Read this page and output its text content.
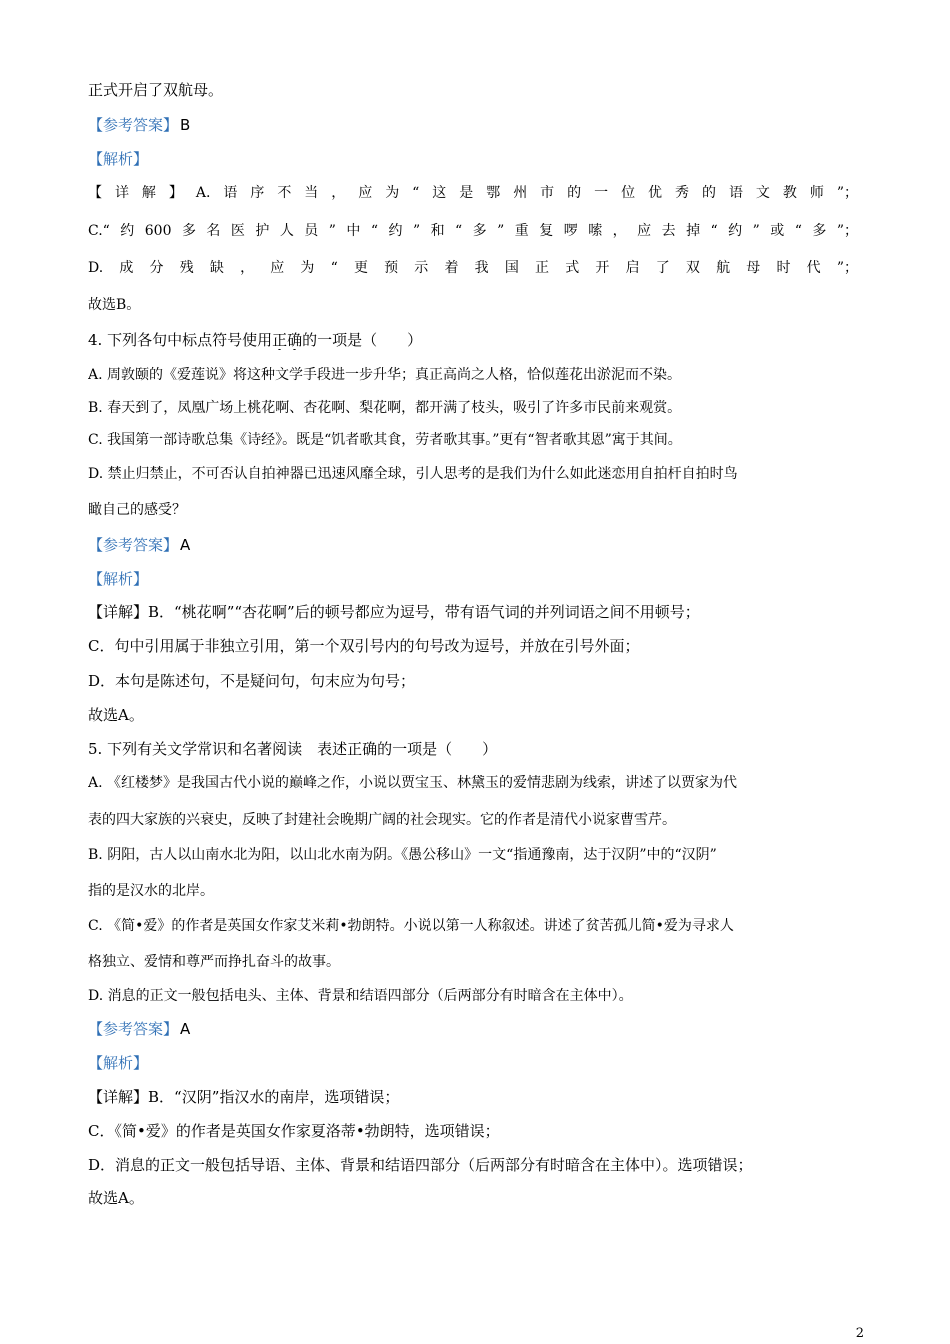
正式开启了双航母。
【参考答案】 B
【解析】
【详解】A.语序不当，应为“这是鄂州市的一位优秀的语文教师”；
C.“约600多名医护人员”中“约”和“多”重复啰嗦，应去掉“约”或“多”；
D.成分残缺，应为“更预示着我国正式开启了双航母时代”；
故选B。
4. 下列各句中标点符号使用正确的一项是（　　）
A. 周敦颐的《爱莲说》将这种文学手段进一步升华；真正高尚之人格，恰似莲花出淤泥而不染。
B. 春天到了，凤凰广场上桃花啊、杏花啊、梨花啊，都开满了枝头，吸引了许多市民前来观赏。
C. 我国第一部诗歌总集《诗经》。既是“饥者歌其食，劳者歌其事。”更有“智者歌其恩”寓于其间。
D. 禁止归禁止，不可否认自拍神器已迅速风靡全球，引人思考的是我们为什么如此迷恋用自拍杆自拍时鸟
瞰自己的感受？
【参考答案】 A
【解析】
【详解】B．“桃花啊”“杏花啊”后的顿号都应为逗号，带有语气词的并列词语之间不用顿号；
C．句中引用属于非独立引用，第一个双引号内的句号改为逗号，并放在引号外面；
D．本句是陈述句，不是疑问句，句末应为句号；
故选A。
5. 下列有关文学常识和名著阅读　表述正确的一项是（　　）
A. 《红楼梦》是我国古代小说的巅峰之作，小说以贾宝玉、林黛玉的爱情悲剧为线索，讲述了以贾家为代
表的四大家族的兴衰史，反映了封建社会晚期广阔的社会现实。它的作者是清代小说家曹雪芹。
B. 阴阳，古人以山南水北为阳，以山北水南为阴。《愚公移山》一文“指通豫南，达于汉阴”中的“汉阴”
指的是汉水的北岸。
C. 《简•爱》的作者是英国女作家艾米莉•勃朗特。小说以第一人称叙述。讲述了贫苦孤儿简•爱为寻求人
格独立、爱情和尊严而挣扎奋斗的故事。
D. 消息的正文一般包括电头、主体、背景和结语四部分（后两部分有时暗含在主体中）。
【参考答案】 A
【解析】
【详解】B．“汉阴”指汉水的南岸，选项错误；
C．《简•爱》的作者是英国女作家夏洛蒂•勃朗特，选项错误；
D．消息的正文一般包括导语、主体、背景和结语四部分（后两部分有时暗含在主体中）。选项错误；
故选A。
2
